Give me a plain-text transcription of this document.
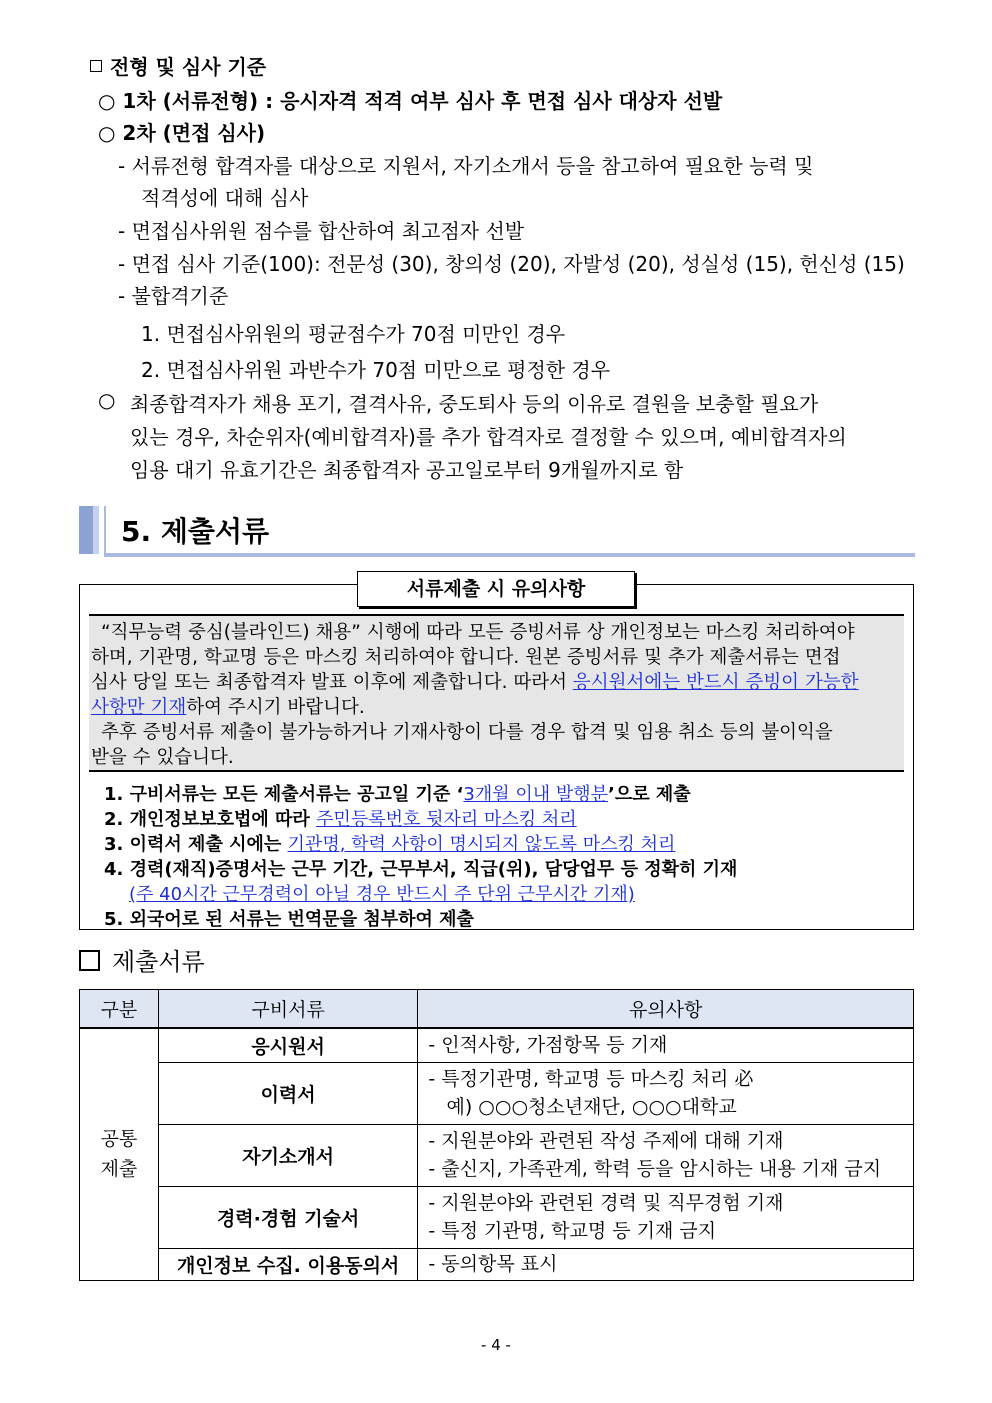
전형 및 심사 기준
○ 1차 (서류전형) : 응시자격 적격 여부 심사 후 면접 심사 대상자 선발
○ 2차 (면접 심사)
- 서류전형 합격자를 대상으로 지원서, 자기소개서 등을 참고하여 필요한 능력 및
적격성에 대해 심사
- 면접심사위원 점수를 합산하여 최고점자 선발
- 면접 심사 기준(100): 전문성 (30), 창의성 (20), 자발성 (20), 성실성 (15), 헌신성 (15)
- 불합격기준
1. 면접심사위원의 평균점수가 70점 미만인 경우
2. 면접심사위원 과반수가 70점 미만으로 평정한 경우
○ 최종합격자가 채용 포기, 결격사유, 중도퇴사 등의 이유로 결원을 보충할 필요가
있는 경우, 차순위자(예비합격자)를 추가 합격자로 결정할 수 있으며, 예비합격자의
임용 대기 유효기간은 최종합격자 공고일로부터 9개월까지로 함
5. 제출서류
서류제출 시 유의사항
“직무능력 중심(블라인드) 채용” 시행에 따라 모든 증빙서류 상 개인정보는 마스킹 처리하여야
하며, 기관명, 학교명 등은 마스킹 처리하여야 합니다. 원본 증빙서류 및 추가 제출서류는 면접
심사 당일 또는 최종합격자 발표 이후에 제출합니다. 따라서 응시원서에는 반드시 증빙이 가능한
사항만 기재하여 주시기 바랍니다.
추후 증빙서류 제출이 불가능하거나 기재사항이 다를 경우 합격 및 임용 취소 등의 불이익을
받을 수 있습니다.
1. 구비서류는 모든 제출서류는 공고일 기준 ‘3개월 이내 발행분’으로 제출
2. 개인정보보호법에 따라 주민등록번호 뒷자리 마스킹 처리
3. 이력서 제출 시에는 기관명, 학력 사항이 명시되지 않도록 마스킹 처리
4. 경력(재직)증명서는 근무 기간, 근무부서, 직급(위), 담당업무 등 정확히 기재
(주 40시간 근무경력이 아닐 경우 반드시 주 단위 근무시간 기재)
5. 외국어로 된 서류는 번역문을 첨부하여 제출
제출서류
구분	구비서류	유의사항

공통
제출	응시원서	- 인적사항, 가점항목 등 기재

	이력서	- 특정기관명, 학교명 등 마스킹 처리 必
예) ○○○청소년재단, ○○○대학교

	자기소개서	- 지원분야와 관련된 작성 주제에 대해 기재
- 출신지, 가족관계, 학력 등을 암시하는 내용 기재 금지

	경력·경험 기술서	- 지원분야와 관련된 경력 및 직무경험 기재
- 특정 기관명, 학교명 등 기재 금지

	개인정보 수집. 이용동의서	- 동의항목 표시
- 4 -
